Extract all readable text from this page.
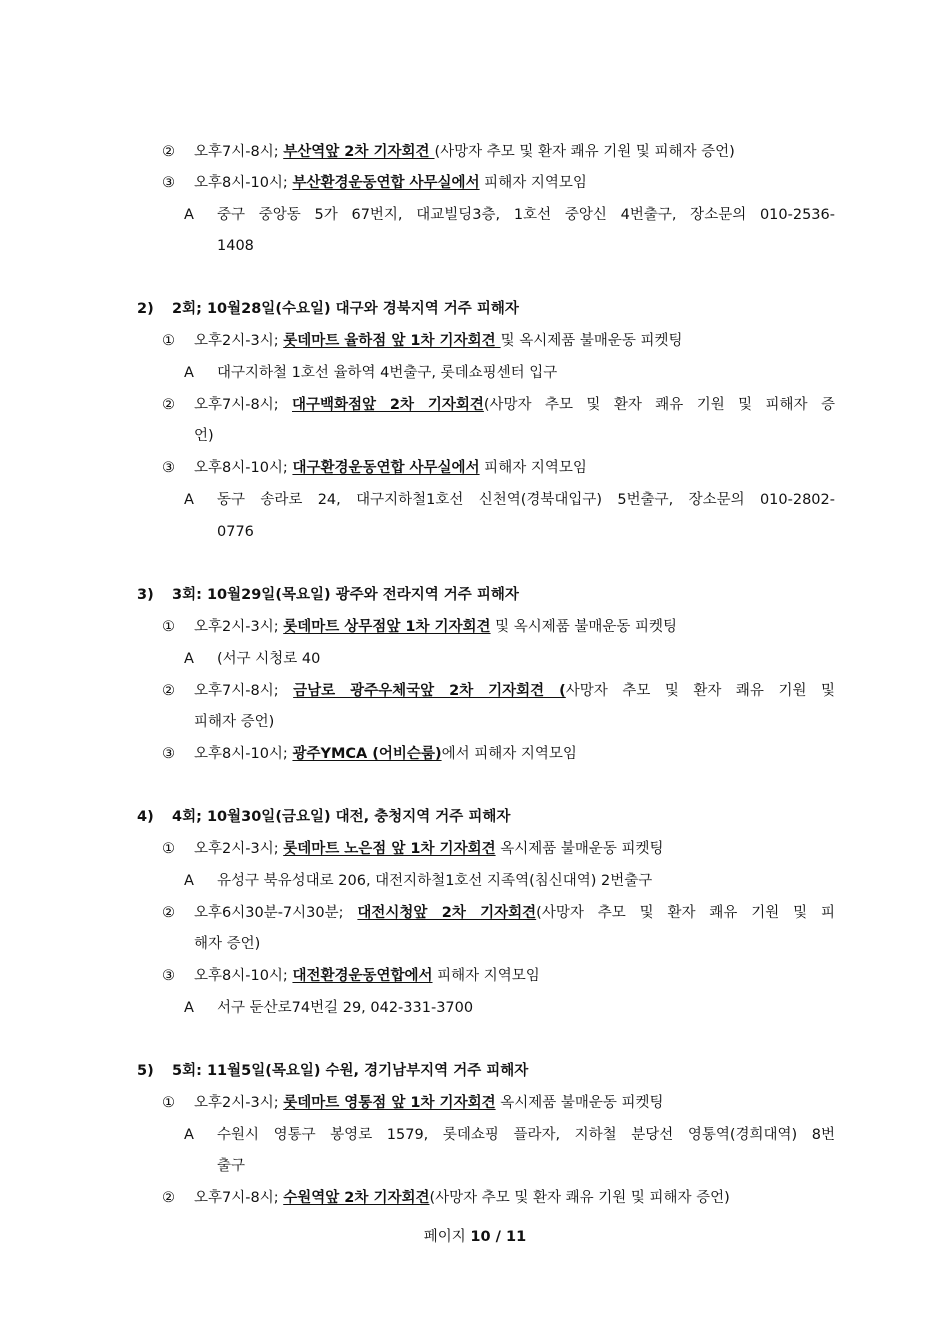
② 오후7시-8시; 부산역앞 2차 기자회견 (사망자 추모 및 환자 쾌유 기원 및 피해자 증언)
③ 오후8시-10시; 부산환경운동연합 사무실에서 피해자 지역모임
A 중구 중앙동 5가 67번지, 대교빌딩3층, 1호선 중앙신 4번출구, 장소문의 010-2536-
1408
2) 2회; 10월28일(수요일) 대구와 경북지역 거주 피해자
① 오후2시-3시; 롯데마트 율하점 앞 1차 기자회견 및 옥시제품 불매운동 피켓팅
A 대구지하철 1호선 율하역 4번출구, 롯데쇼핑센터 입구
② 오후7시-8시; 대구백화점앞 2차 기자회견(사망자 추모 및 환자 쾌유 기원 및 피해자 증
언)
③ 오후8시-10시; 대구환경운동연합 사무실에서 피해자 지역모임
A 동구 송라로 24, 대구지하철1호선 신천역(경북대입구) 5번출구, 장소문의 010-2802-
0776
3) 3회: 10월29일(목요일) 광주와 전라지역 거주 피해자
① 오후2시-3시; 롯데마트 상무점앞 1차 기자회견 및 옥시제품 불매운동 피켓팅
A (서구 시청로 40
② 오후7시-8시; 금남로 광주우체국앞 2차 기자회견 (사망자 추모 및 환자 쾌유 기원 및
피해자 증언)
③ 오후8시-10시; 광주YMCA (어비슨룸)에서 피해자 지역모임
4) 4회; 10월30일(금요일) 대전, 충청지역 거주 피해자
① 오후2시-3시; 롯데마트 노은점 앞 1차 기자회견 옥시제품 불매운동 피켓팅
A 유성구 북유성대로 206, 대전지하철1호선 지족역(침신대역) 2번출구
② 오후6시30분-7시30분; 대전시청앞 2차 기자회견(사망자 추모 및 환자 쾌유 기원 및 피
해자 증언)
③ 오후8시-10시; 대전환경운동연합에서 피해자 지역모임
A 서구 둔산로74번길 29, 042-331-3700
5) 5회: 11월5일(목요일) 수원, 경기남부지역 거주 피해자
① 오후2시-3시; 롯데마트 영통점 앞 1차 기자회견 옥시제품 불매운동 피켓팅
A 수원시 영통구 봉영로 1579, 롯데쇼핑 플라자, 지하철 분당선 영통역(경희대역) 8번
출구
② 오후7시-8시; 수원역앞 2차 기자회견(사망자 추모 및 환자 쾌유 기원 및 피해자 증언)
페이지 10 / 11
